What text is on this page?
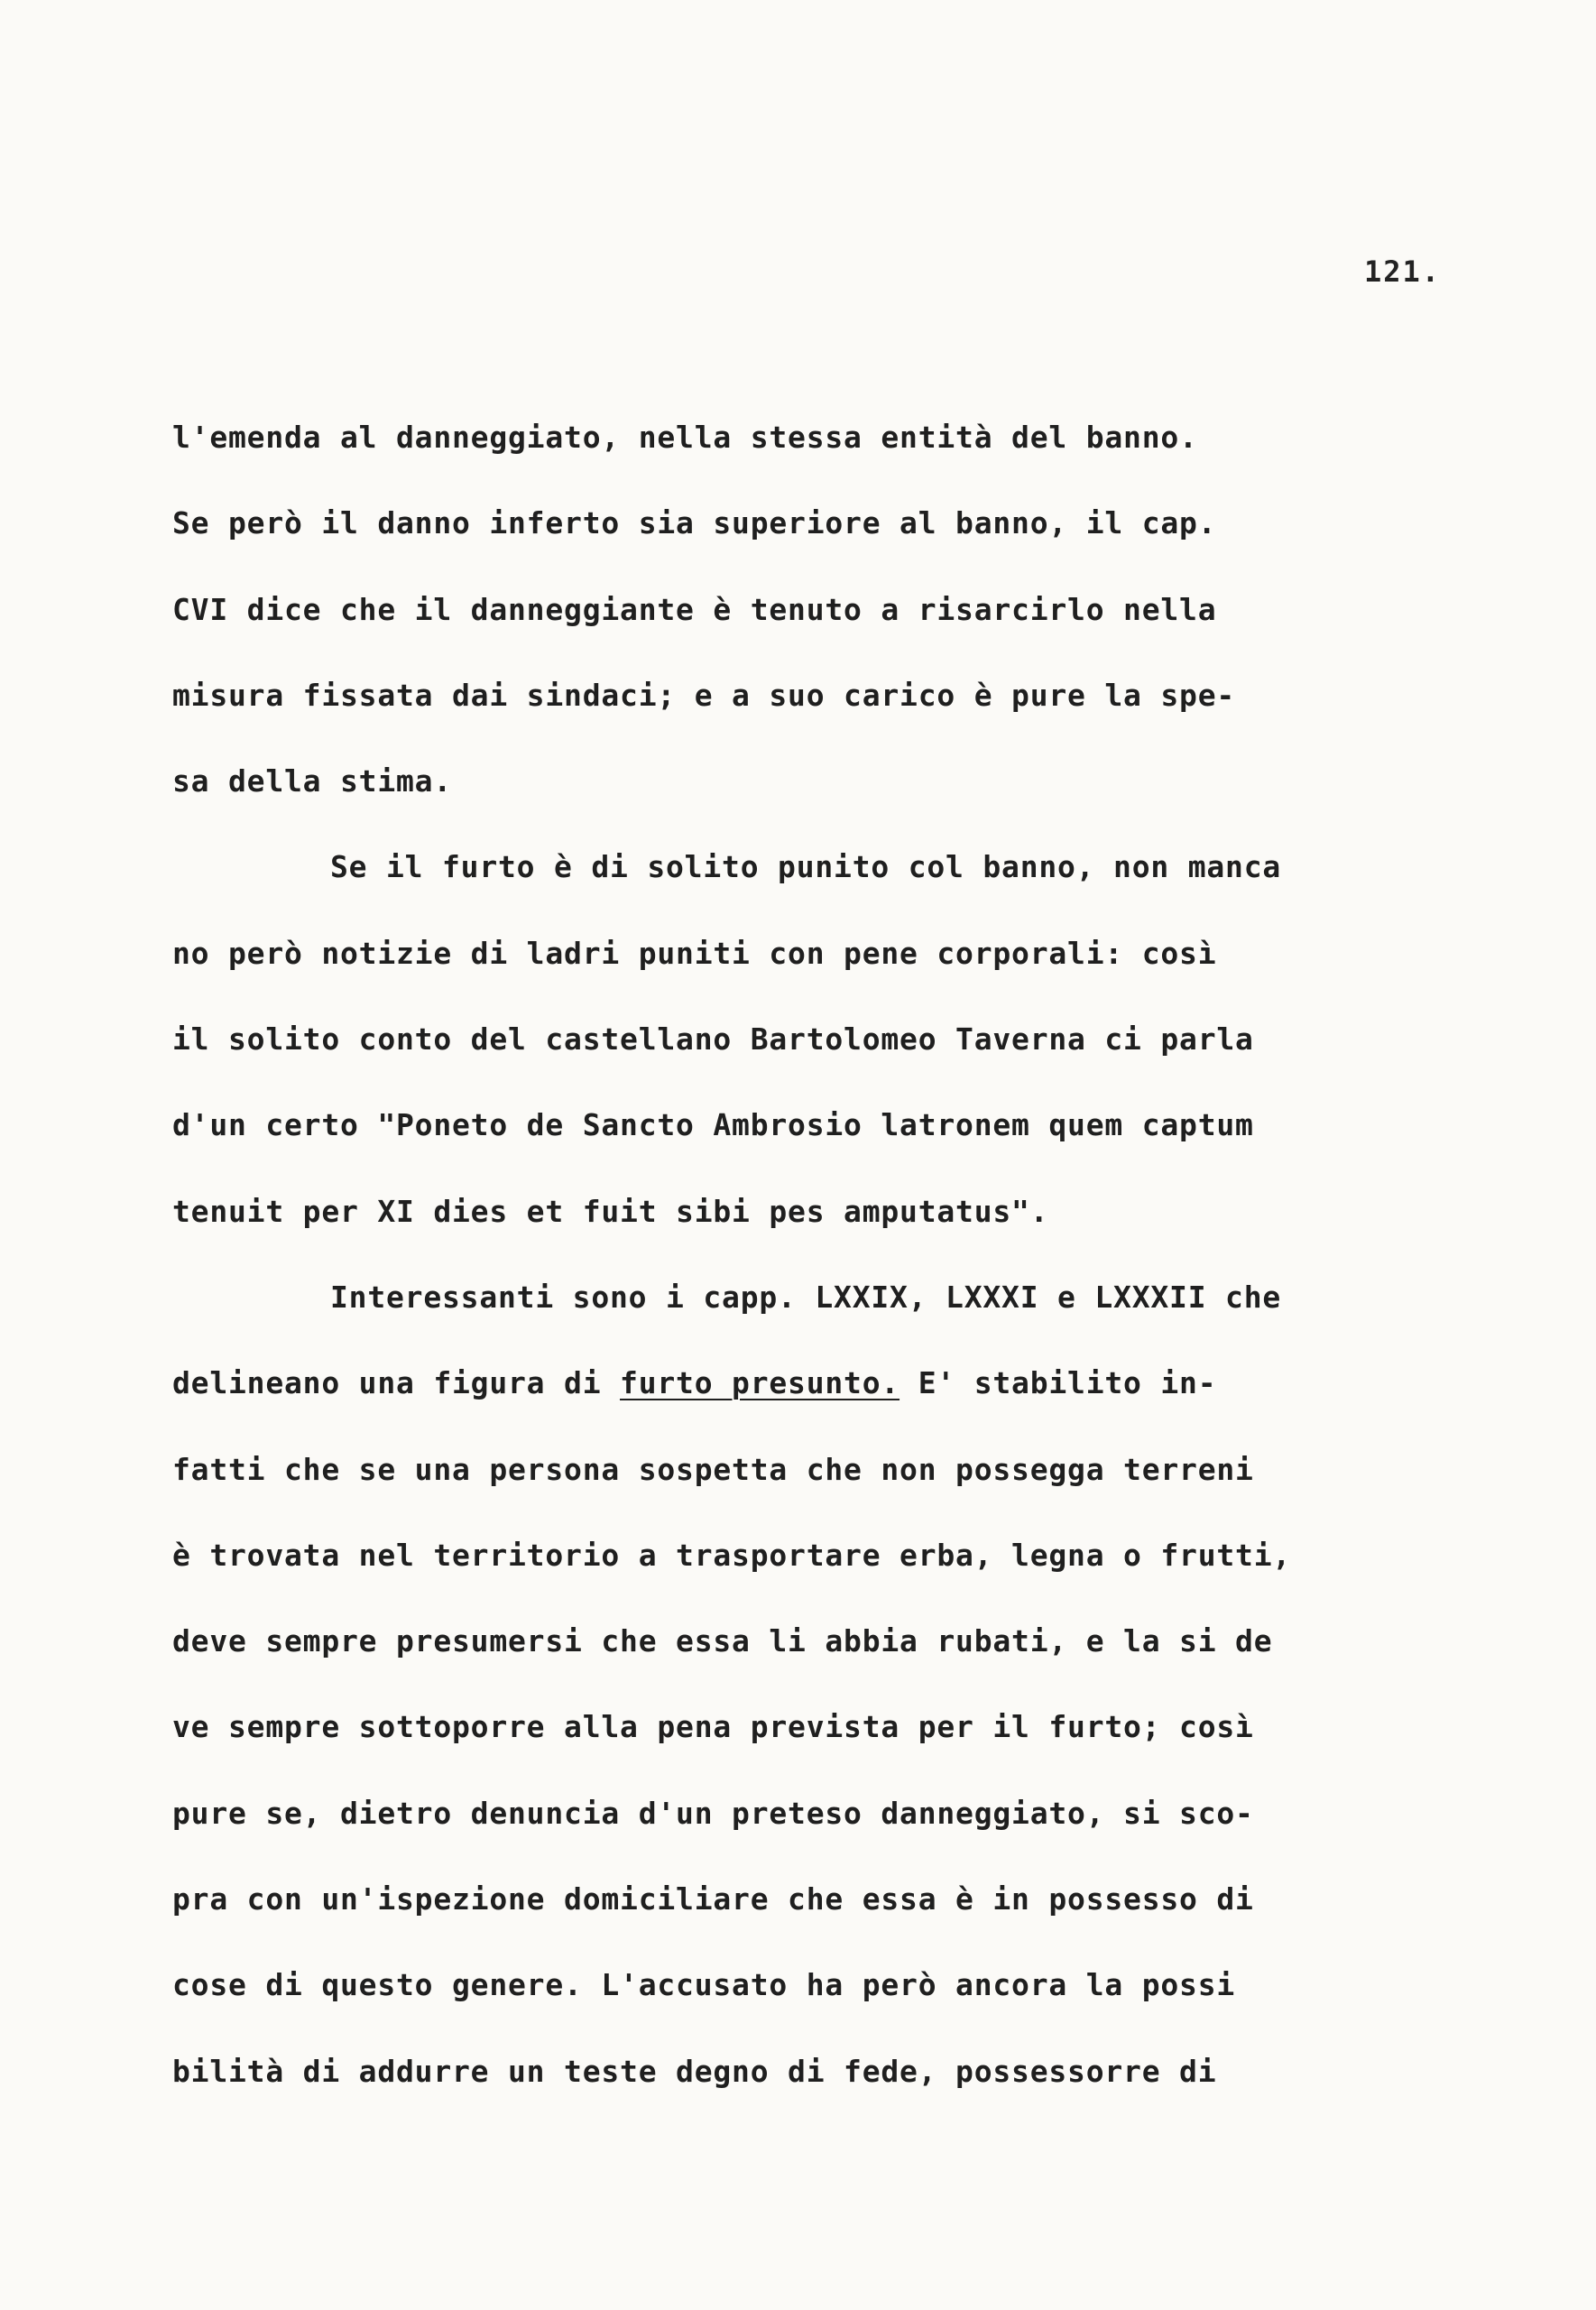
121.
l'emenda al danneggiato, nella stessa entità del banno.
Se però il danno inferto sia superiore al banno, il cap.
CVI dice che il danneggiante è tenuto a risarcirlo nella
misura fissata dai sindaci; e a suo carico è pure la spe-
sa della stima.
Se il furto è di solito punito col banno, non manca
no però notizie di ladri puniti con pene corporali: così
il solito conto del castellano Bartolomeo Taverna ci parla
d'un certo "Poneto de Sancto Ambrosio latronem quem captum
tenuit per XI dies et fuit sibi pes amputatus".
Interessanti sono i capp. LXXIX, LXXXI e LXXXII che
delineano una figura di furto presunto. E' stabilito in-
fatti che se una persona sospetta che non possegga terreni
è trovata nel territorio a trasportare erba, legna o frutti,
deve sempre presumersi che essa li abbia rubati, e la si de
ve sempre sottoporre alla pena prevista per il furto; così
pure se, dietro denuncia d'un preteso danneggiato, si sco-
pra con un'ispezione domiciliare che essa è in possesso di
cose di questo genere. L'accusato ha però ancora la possi
bilità di addurre un teste degno di fede, possessorre di
